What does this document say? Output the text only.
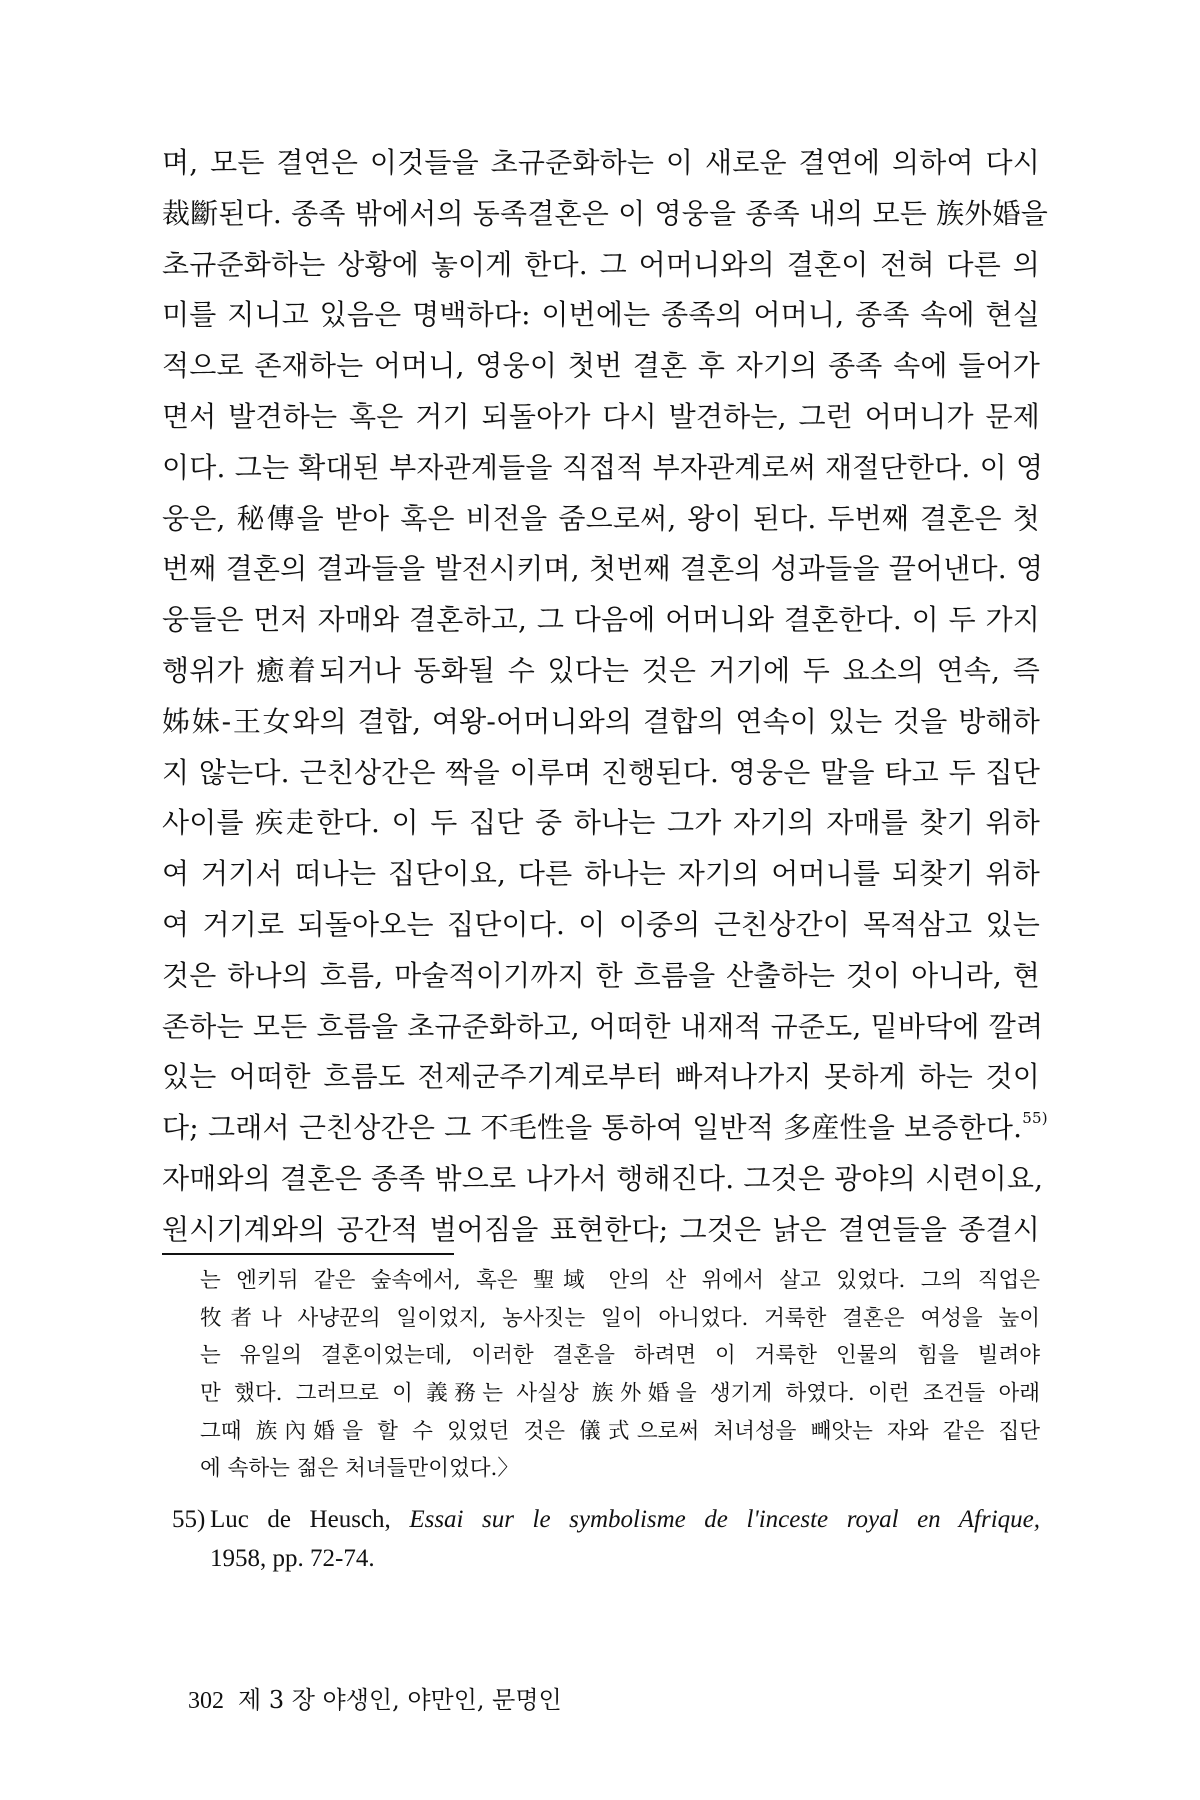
며, 모든 결연은 이것들을 초규준화하는 이 새로운 결연에 의하여 다시
裁斷된다. 종족 밖에서의 동족결혼은 이 영웅을 종족 내의 모든 族外婚을
초규준화하는 상황에 놓이게 한다. 그 어머니와의 결혼이 전혀 다른 의
미를 지니고 있음은 명백하다: 이번에는 종족의 어머니, 종족 속에 현실
적으로 존재하는 어머니, 영웅이 첫번 결혼 후 자기의 종족 속에 들어가
면서 발견하는 혹은 거기 되돌아가 다시 발견하는, 그런 어머니가 문제
이다. 그는 확대된 부자관계들을 직접적 부자관계로써 재절단한다. 이 영
웅은, 秘傳을 받아 혹은 비전을 줌으로써, 왕이 된다. 두번째 결혼은 첫
번째 결혼의 결과들을 발전시키며, 첫번째 결혼의 성과들을 끌어낸다. 영
웅들은 먼저 자매와 결혼하고, 그 다음에 어머니와 결혼한다. 이 두 가지
행위가 癒着되거나 동화될 수 있다는 것은 거기에 두 요소의 연속, 즉
姊妹-王女와의 결합, 여왕-어머니와의 결합의 연속이 있는 것을 방해하
지 않는다. 근친상간은 짝을 이루며 진행된다. 영웅은 말을 타고 두 집단
사이를 疾走한다. 이 두 집단 중 하나는 그가 자기의 자매를 찾기 위하
여 거기서 떠나는 집단이요, 다른 하나는 자기의 어머니를 되찾기 위하
여 거기로 되돌아오는 집단이다. 이 이중의 근친상간이 목적삼고 있는
것은 하나의 흐름, 마술적이기까지 한 흐름을 산출하는 것이 아니라, 현
존하는 모든 흐름을 초규준화하고, 어떠한 내재적 규준도, 밑바닥에 깔려
있는 어떠한 흐름도 전제군주기계로부터 빠져나가지 못하게 하는 것이
다; 그래서 근친상간은 그 不毛性을 통하여 일반적 多産性을 보증한다.$^{55)}$
자매와의 결혼은 종족 밖으로 나가서 행해진다. 그것은 광야의 시련이요,
원시기계와의 공간적 벌어짐을 표현한다; 그것은 낡은 결연들을 종결시
는 엔키뒤 같은 숲속에서, 혹은 聖域 안의 산 위에서 살고 있었다. 그의 직업은
牧者나 사냥꾼의 일이었지, 농사짓는 일이 아니었다. 거룩한 결혼은 여성을 높이
는 유일의 결혼이었는데, 이러한 결혼을 하려면 이 거룩한 인물의 힘을 빌려야
만 했다. 그러므로 이 義務는 사실상 族外婚을 생기게 하였다. 이런 조건들 아래
그때 族內婚을 할 수 있었던 것은 儀式으로써 처녀성을 빼앗는 자와 같은 집단
에 속하는 젊은 처녀들만이었다.〉
55) Luc de Heusch, Essai sur le symbolisme de l'inceste royal en Afrique,
1958, pp. 72-74.
302 제 3 장 야생인, 야만인, 문명인
